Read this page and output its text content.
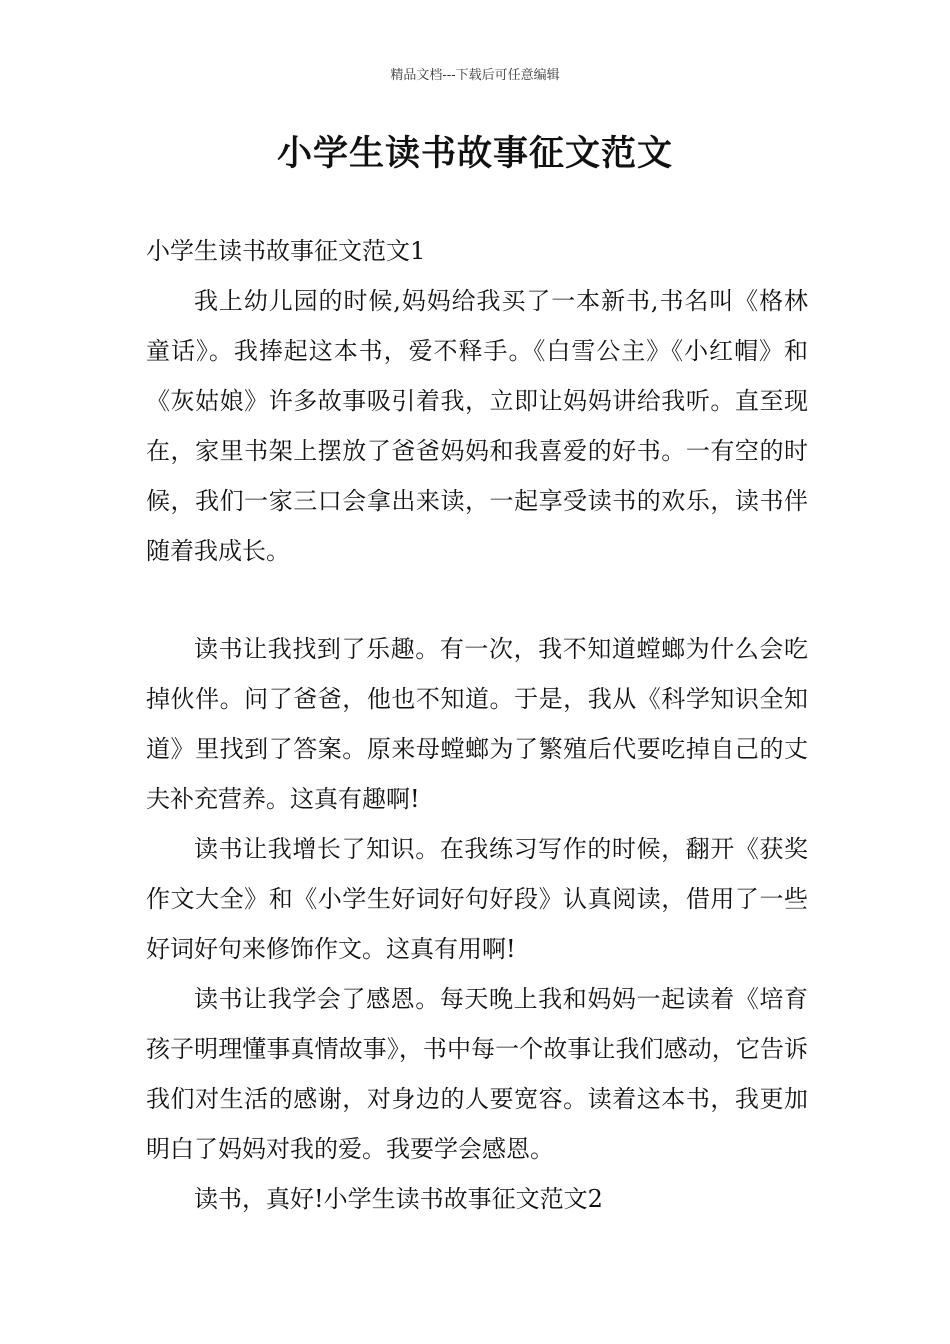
精品文档---下载后可任意编辑
小学生读书故事征文范文
小学生读书故事征文范文1

我上幼儿园的时候,妈妈给我买了一本新书,书名叫《格林童话》。我捧起这本书，爱不释手。《白雪公主》《小红帽》和《灰姑娘》许多故事吸引着我，立即让妈妈讲给我听。直至现在，家里书架上摆放了爸爸妈妈和我喜爱的好书。一有空的时候，我们一家三口会拿出来读，一起享受读书的欢乐，读书伴随着我成长。

读书让我找到了乐趣。有一次，我不知道螳螂为什么会吃掉伙伴。问了爸爸，他也不知道。于是，我从《科学知识全知道》里找到了答案。原来母螳螂为了繁殖后代要吃掉自己的丈夫补充营养。这真有趣啊!

读书让我增长了知识。在我练习写作的时候，翻开《获奖作文大全》和《小学生好词好句好段》认真阅读，借用了一些好词好句来修饰作文。这真有用啊!

读书让我学会了感恩。每天晚上我和妈妈一起读着《培育孩子明理懂事真情故事》，书中每一个故事让我们感动，它告诉我们对生活的感谢，对身边的人要宽容。读着这本书，我更加明白了妈妈对我的爱。我要学会感恩。

读书，真好!小学生读书故事征文范文2
